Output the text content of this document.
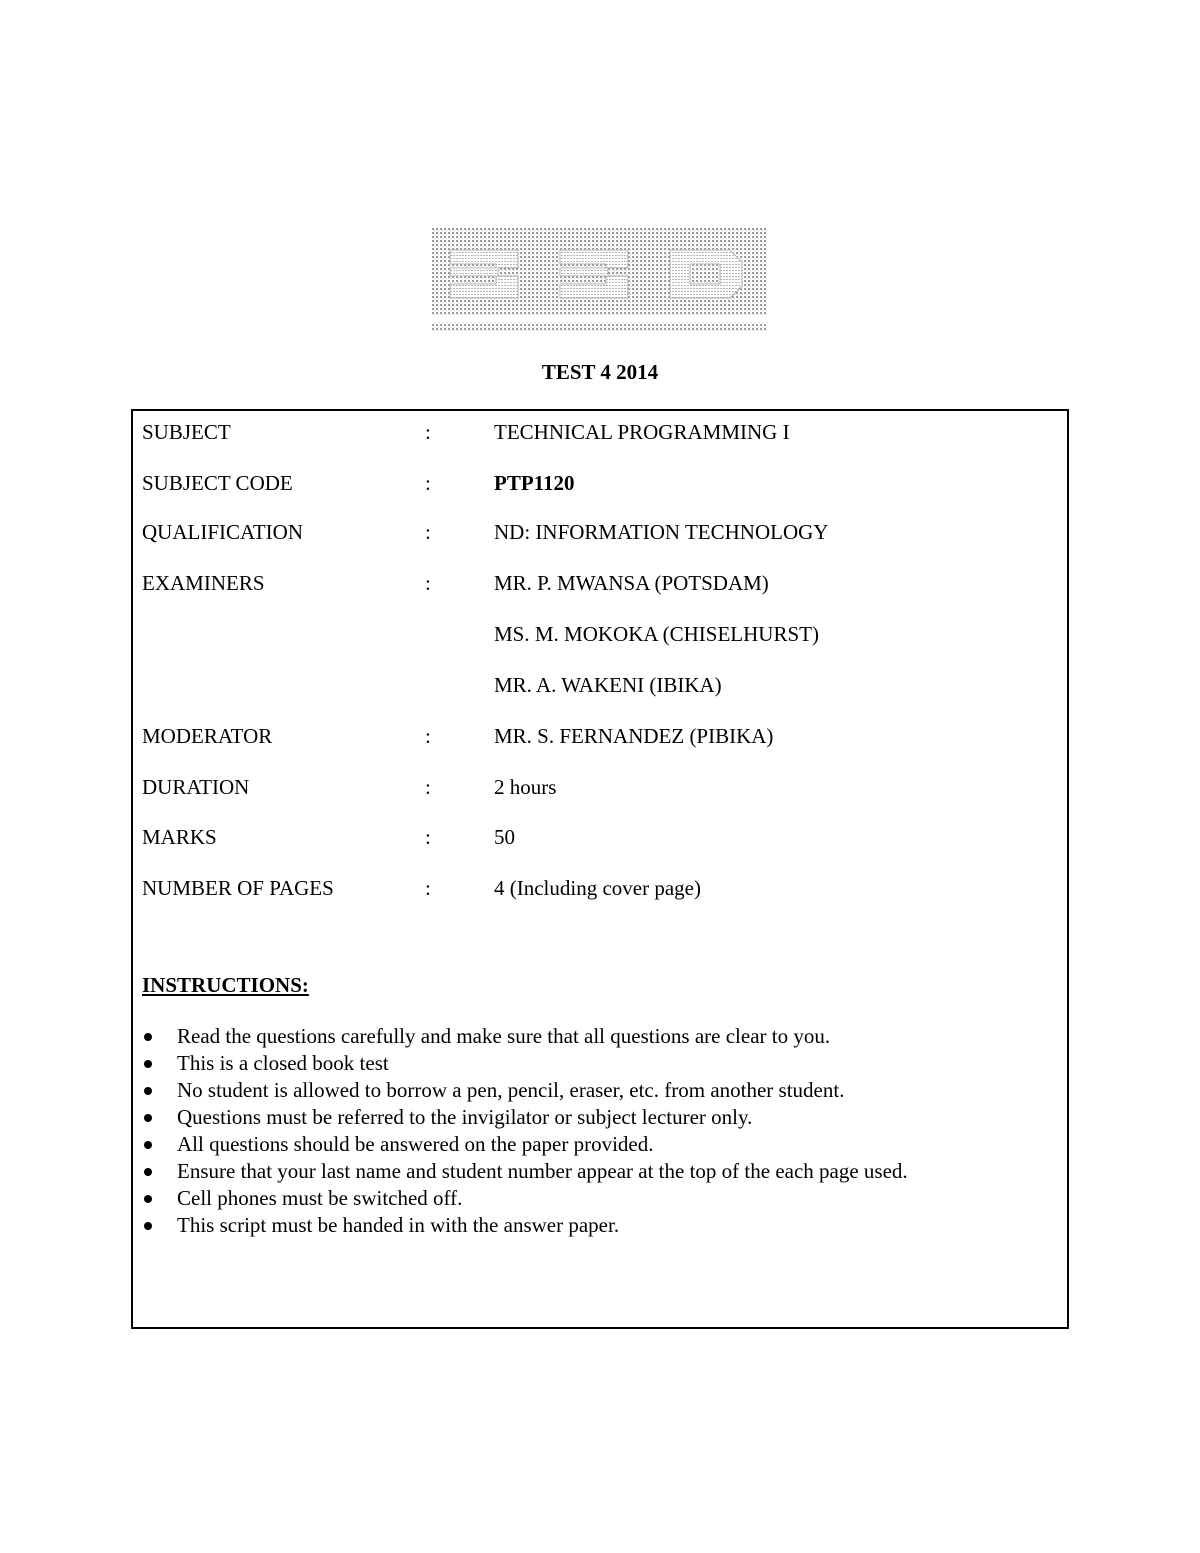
TEST 4 2014
SUBJECT	:	TECHNICAL PROGRAMMING I
SUBJECT CODE	:	PTP1120
QUALIFICATION	:	ND: INFORMATION TECHNOLOGY
EXAMINERS	:	MR. P. MWANSA (POTSDAM)
MS. M. MOKOKA (CHISELHURST)
MR. A. WAKENI (IBIKA)
MODERATOR	:	MR. S. FERNANDEZ (PIBIKA)
DURATION	:	2 hours
MARKS	:	50
NUMBER OF PAGES	:	4 (Including cover page)
INSTRUCTIONS:
Read the questions carefully and make sure that all questions are clear to you.
This is a closed book test
No student is allowed to borrow a pen, pencil, eraser, etc. from another student.
Questions must be referred to the invigilator or subject lecturer only.
All questions should be answered on the paper provided.
Ensure that your last name and student number appear at the top of the each page used.
Cell phones must be switched off.
This script must be handed in with the answer paper.
